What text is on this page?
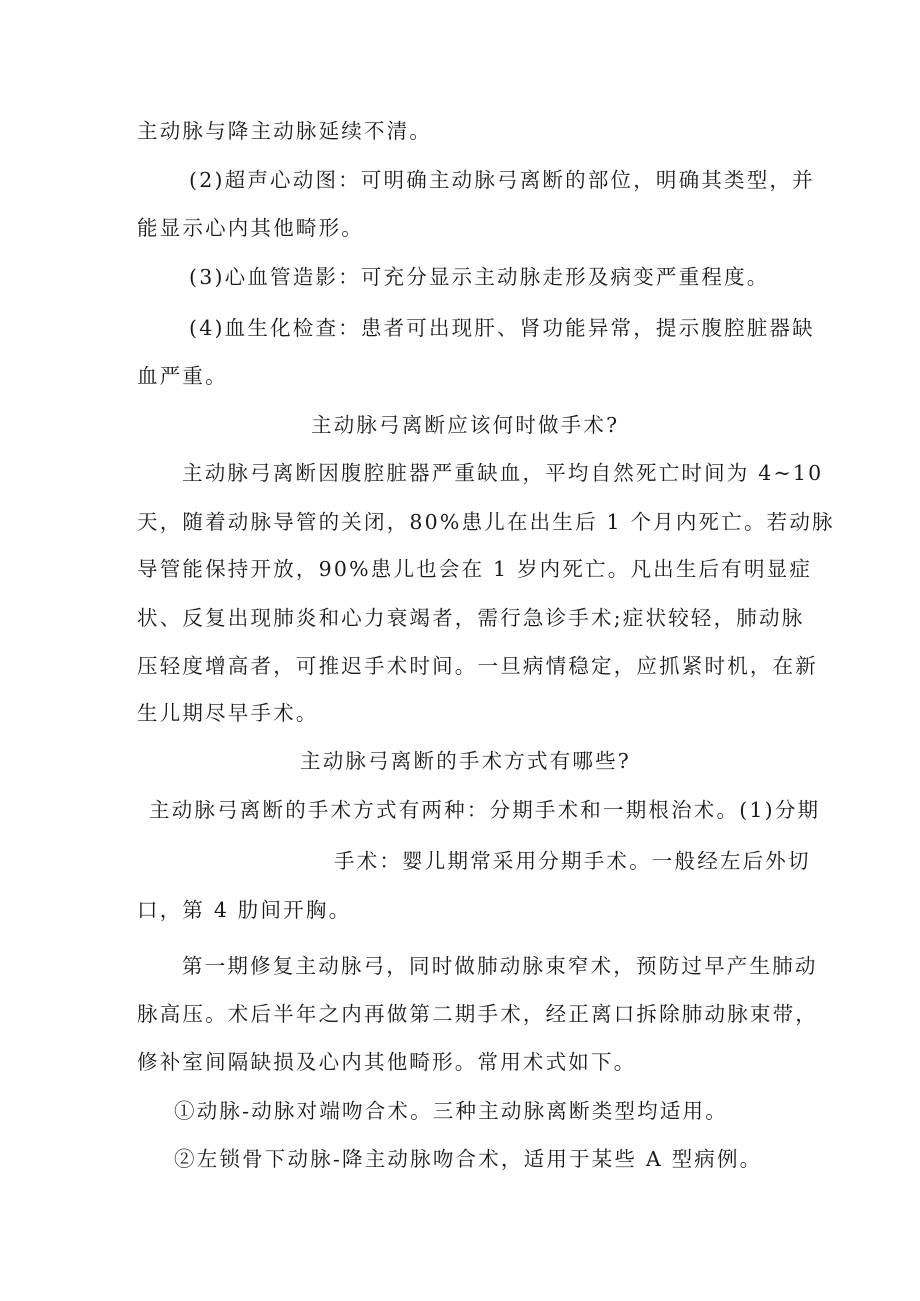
主动脉与降主动脉延续不清。
(2)超声心动图：可明确主动脉弓离断的部位，明确其类型，并
能显示心内其他畸形。
(3)心血管造影：可充分显示主动脉走形及病变严重程度。
(4)血生化检查：患者可出现肝、肾功能异常，提示腹腔脏器缺
血严重。
主动脉弓离断应该何时做手术?
主动脉弓离断因腹腔脏器严重缺血，平均自然死亡时间为 4~10
天，随着动脉导管的关闭，80%患儿在出生后 1 个月内死亡。若动脉
导管能保持开放，90%患儿也会在 1 岁内死亡。凡出生后有明显症
状、反复出现肺炎和心力衰竭者，需行急诊手术;症状较轻，肺动脉
压轻度增高者，可推迟手术时间。一旦病情稳定，应抓紧时机，在新
生儿期尽早手术。
主动脉弓离断的手术方式有哪些?
主动脉弓离断的手术方式有两种：分期手术和一期根治术。(1)分期
手术：婴儿期常采用分期手术。一般经左后外切
口，第 4 肋间开胸。
第一期修复主动脉弓，同时做肺动脉束窄术，预防过早产生肺动
脉高压。术后半年之内再做第二期手术，经正离口拆除肺动脉束带，
修补室间隔缺损及心内其他畸形。常用术式如下。
①动脉-动脉对端吻合术。三种主动脉离断类型均适用。
②左锁骨下动脉-降主动脉吻合术，适用于某些 A 型病例。
